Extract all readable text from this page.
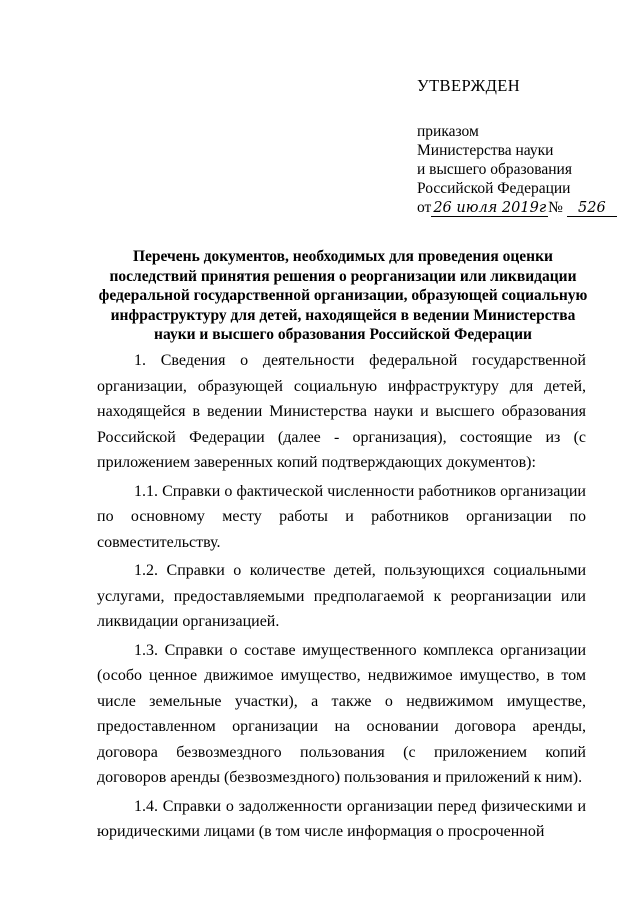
УТВЕРЖДЕН
приказом
Министерства науки
и высшего образования
Российской Федерации
от 26 июля 2019г №
	526
Перечень документов, необходимых для проведения оценки последствий принятия решения о реорганизации или ликвидации федеральной государственной организации, образующей социальную инфраструктуру для детей, находящейся в ведении Министерства науки и высшего образования Российской Федерации

1. Сведения о деятельности федеральной государственной организации, образующей социальную инфраструктуру для детей, находящейся в ведении Министерства науки и высшего образования Российской Федерации (далее - организация), состоящие из (с приложением заверенных копий подтверждающих документов):

1.1. Справки о фактической численности работников организации по основному месту работы и работников организации по совместительству.

1.2. Справки о количестве детей, пользующихся социальными услугами, предоставляемыми предполагаемой к реорганизации или ликвидации организацией.

1.3. Справки о составе имущественного комплекса организации (особо ценное движимое имущество, недвижимое имущество, в том числе земельные участки), а также о недвижимом имуществе, предоставленном организации на основании договора аренды, договора безвозмездного пользования (с приложением копий договоров аренды (безвозмездного) пользования и приложений к ним).

1.4. Справки о задолженности организации перед физическими и юридическими лицами (в том числе информация о просроченной
